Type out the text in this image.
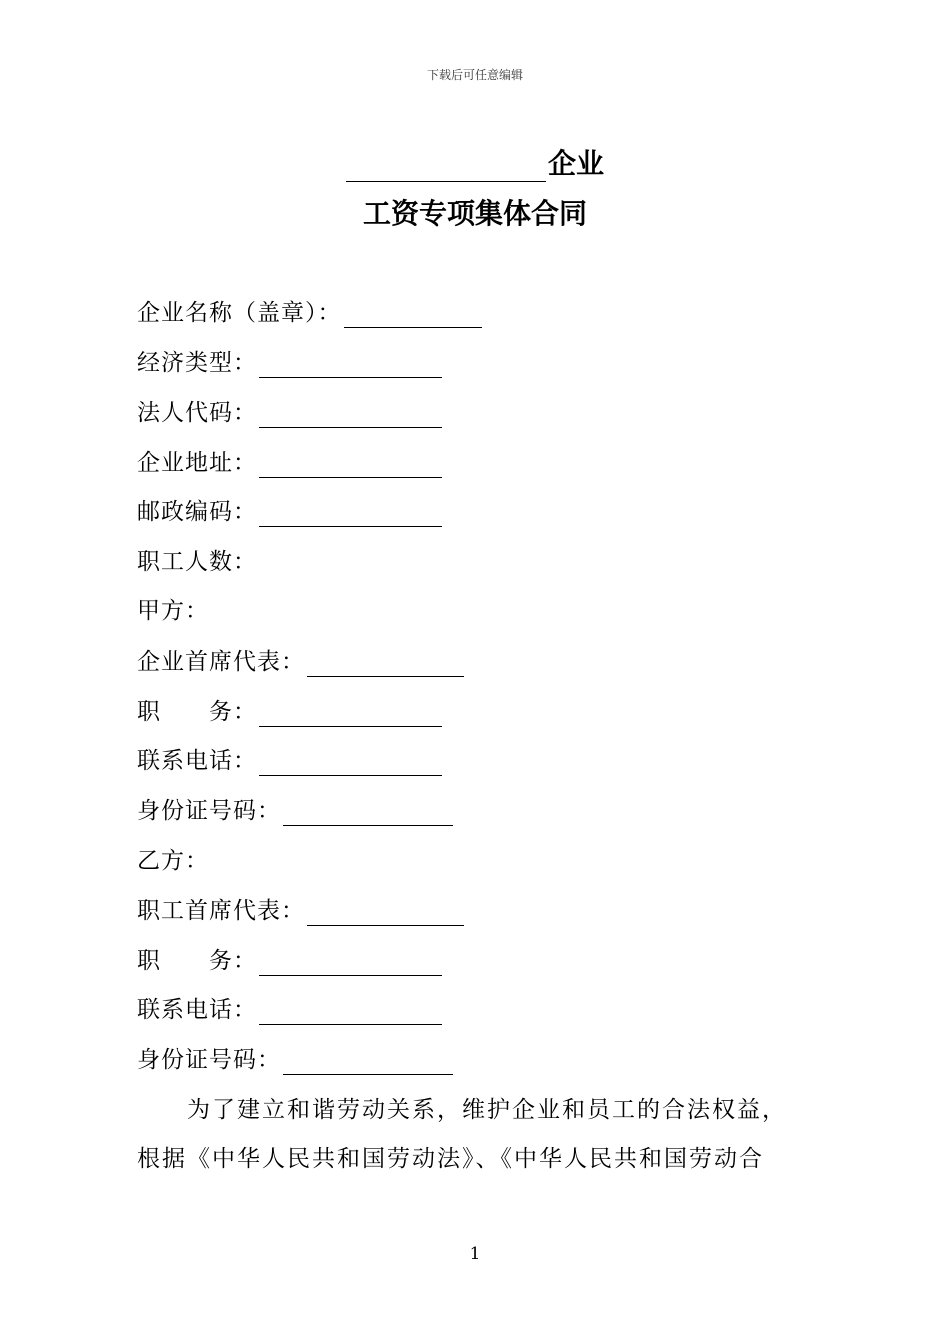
下载后可任意编辑
企业
工资专项集体合同
企业名称（盖章）：
经济类型：
法人代码：
企业地址：
邮政编码：
职工人数：
甲方：
企业首席代表：
职　　务：
联系电话：
身份证号码：
乙方：
职工首席代表：
职　　务：
联系电话：
身份证号码：
为了建立和谐劳动关系，维护企业和员工的合法权益，
根据《中华人民共和国劳动法》、《中华人民共和国劳动合
1
